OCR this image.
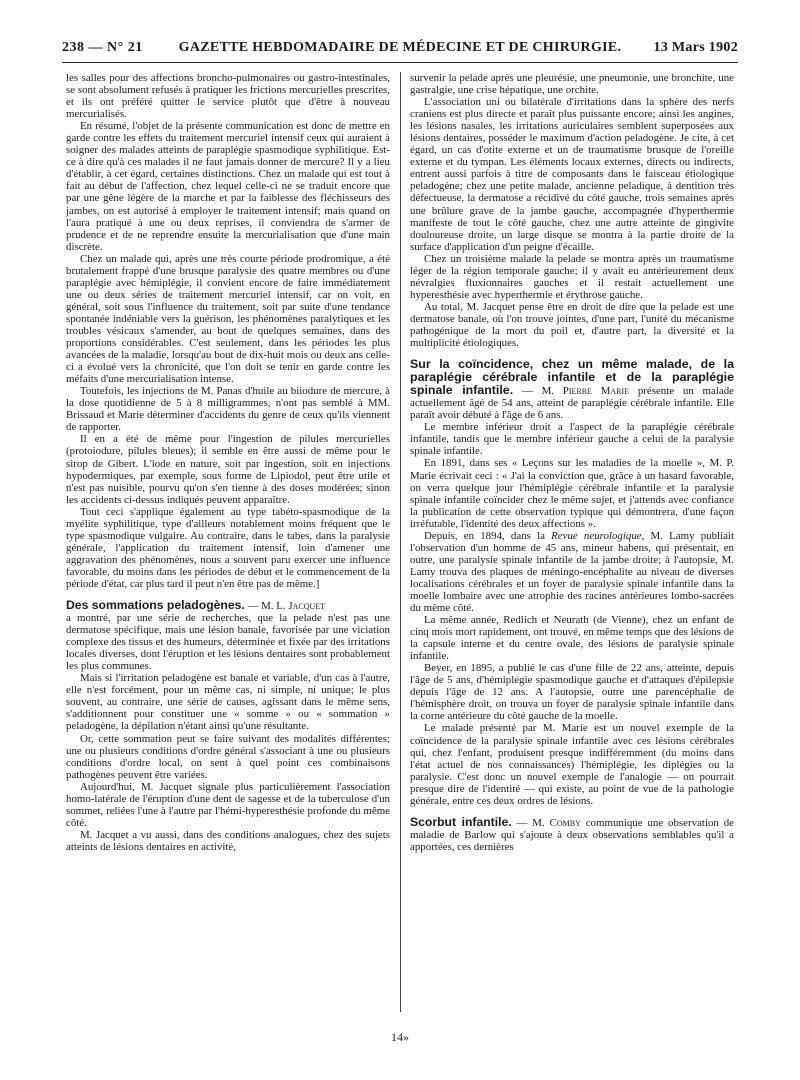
238 — N° 21	GAZETTE HEBDOMADAIRE DE MÉDECINE ET DE CHIRURGIE.	13 Mars 1902

les salles pour des affections broncho-pulmonaires ou gastro-intestinales, se sont absolument refusés à pratiquer les frictions mercurielles prescrites, et ils ont préféré quitter le service plutôt que d'être à nouveau mercurialisés.

En résumé, l'objet de la présente communication est donc de mettre en garde contre les effets du traitement mercuriel intensif ceux qui auraient à soigner des malades atteints de paraplégie spasmodique syphilitique. Est-ce à dire qu'à ces malades il ne faut jamais donner de mercure? Il y a lieu d'établir, à cet égard, certaines distinctions. Chez un malade qui est tout à fait au début de l'affection, chez lequel celle-ci ne se traduit encore que par une gêne légère de la marche et par la faiblesse des fléchisseurs des jambes, on est autorisé à employer le traitement intensif; mais quand on l'aura pratiqué à une ou deux reprises, il conviendra de s'armer de prudence et de ne reprendre ensuite la mercurialisation que d'une main discrète.

Chez un malade qui, après une très courte période prodromique, a été brutalement frappé d'une brusque paralysie des quatre membres ou d'une paraplégie avec hémiplégie, il convient encore de faire immédiatement une ou deux séries de traitement mercuriel intensif, car on voit, en général, soit sous l'influence du traitement, soit par suite d'une tendance spontanée indéniable vers la guérison, les phénomènes paralytiques et les troubles vésicaux s'amender, au bout de quelques semaines, dans des proportions considérables. C'est seulement, dans les périodes les plus avancées de la maladie, lorsqu'au bout de dix-huit mois ou deux ans celle-ci a évolué vers la chronicité, que l'on doit se tenir en garde contre les méfaits d'une mercurialisation intense.

Toutefois, les injections de M. Panas d'huile au biiodure de mercure, à la dose quotidienne de 5 à 8 milligrammes, n'ont pas semblé à MM. Brissaud et Marie déterminer d'accidents du genre de ceux qu'ils viennent de rapporter.

Il en a été de même pour l'ingestion de pilules mercurielles (protoiodure, pilules bleues); il semble en être aussi de même pour le sirop de Gibert. L'iode en nature, soit par ingestion, soit en injections hypodermiques, par exemple, sous forme de Lipiodol, peut être utile et n'est pas nuisible, pourvu qu'on s'en tienne à des doses modérées; sinon les accidents ci-dessus indiqués peuvent apparaître.

Tout ceci s'applique également au type tabéto-spasmodique de la myélite syphilitique, type d'ailleurs notablement moins fréquent que le type spasmodique vulgaire. Au contraire, dans le tabes, dans la paralysie générale, l'application du traitement intensif, loin d'amener une aggravation des phénomènes, nous a souvent paru exercer une influence favorable, du moins dans les périodes de début et le commencement de la période d'état, car plus tard il peut n'en être pas de même.]

Des sommations peladogènes. — M. L. Jacquet

a montré, par une série de recherches, que la pelade n'est pas une dermatose spécifique, mais une lésion banale, favorisée par une viciation complexe des tissus et des humeurs, déterminée et fixée par des irritations locales diverses, dont l'éruption et les lésions dentaires sont probablement les plus communes.

Mais si l'irritation peladogène est banale et variable, d'un cas à l'autre, elle n'est forcément, pour un même cas, ni simple, ni unique; le plus souvent, au contraire, une série de causes, agissant dans le même sens, s'additionnent pour constituer une « somme » ou « sommation » peladogène, la dépilation n'étant ainsi qu'une résultante.

Or, cette sommation peut se faire suivant des modalités différentes; une ou plusieurs conditions d'ordre général s'associant à une ou plusieurs conditions d'ordre local, on sent à quel point ces combinaisons pathogènes peuvent être variées.

Aujourd'hui, M. Jacquet signale plus particulièrement l'association homo-latérale de l'éruption d'une dent de sagesse et de la tuberculose d'un sommet, reliées l'une à l'autre par l'hémi-hyperesthésie profonde du même côté.

M. Jacquet a vu aussi, dans des conditions analogues, chez des sujets atteints de lésions dentaires en activité,

survenir la pelade après une pleurésie, une pneumonie, une bronchite, une gastralgie, une crise hépatique, une orchite.

L'association uni ou bilatérale d'irritations dans la sphère des nerfs craniens est plus directe et paraît plus puissante encore; ainsi les angines, les lésions nasales, les irritations auriculaires semblent superposées aux lésions dentaires, posséder le maximum d'action peladogène. Je cite, à cet égard, un cas d'otite externe et un de traumatisme brusque de l'oreille externe et du tympan. Les éléments locaux externes, directs ou indirects, entrent aussi parfois à titre de composants dans le faisceau étiologique peladogène; chez une petite malade, ancienne peladique, à dentition très défectueuse, la dermatose a récidivé du côté gauche, trois semaines après une brûlure grave de la jambe gauche, accompagnée d'hyperthermie manifeste de tout le côté gauche, chez une autre atteinte de gingivite douloureuse droite, un large disque se montra à la partie droite de la surface d'application d'un peigne d'écaille.

Chez un troisième malade la pelade se montra après un traumatisme léger de la région temporale gauche; il y avait eu antérieurement deux névralgies fluxionnaires gauches et il restait actuellement une hyperesthésie avec hyperthermie et érythrose gauche.

Au total, M. Jacquet pense être en droit de dire que la pelade est une dermatose banale, où l'on trouve jointes, d'une part, l'unité du mécanisme pathogénique de la mort du poil et, d'autre part, la diversité et la multiplicité étiologiques.

Sur la coïncidence, chez un même malade, de la paraplégie cérébrale infantile et de la paraplégie spinale infantile. — M. Pierre Marie présente un malade actuellement âgé de 54 ans, atteint de paraplégie cérébrale infantile. Elle paraît avoir débuté à l'âge de 6 ans.

Le membre inférieur droit a l'aspect de la paraplégie cérébrale infantile, tandis que le membre inférieur gauche a celui de la paralysie spinale infantile.

En 1891, dans ses « Leçons sur les maladies de la moelle », M. P. Marie écrivait ceci : « J'ai la conviction que, grâce à un hasard favorable, on verra quelque jour l'hémiplégie cérébrale infantile et la paralysie spinale infantile coïncider chez le même sujet, et j'attends avec confiance la publication de cette observation typique qui démontrera, d'une façon irréfutable, l'identité des deux affections ».

Depuis, en 1894, dans la Revue neurologique, M. Lamy publiait l'observation d'un homme de 45 ans, mineur habens, qui présentait, en outre, une paralysie spinale infantile de la jambe droite; à l'autopsie, M. Lamy trouva des plaques de méningo-encéphalite au niveau de diverses localisations cérébrales et un foyer de paralysie spinale infantile dans la moelle lombaire avec une atrophie des racines antérieures lombo-sacrées du même côté.

La même année, Redlich et Neurath (de Vienne), chez un enfant de cinq mois mort rapidement, ont trouvé, en même temps que des lésions de la capsule interne et du centre ovale, des lésions de paralysie spinale infantile.

Beyer, en 1895, a publié le cas d'une fille de 22 ans, atteinte, depuis l'âge de 5 ans, d'hémiplégie spasmodique gauche et d'attaques d'épilepsie depuis l'âge de 12 ans. A l'autopsie, outre une parencéphalie de l'hémisphère droit, on trouva un foyer de paralysie spinale infantile dans la corne antérieure du côté gauche de la moelle.

Le malade présenté par M. Marie est un nouvel exemple de la coïncidence de la paralysie spinale infantile avec ces lésions cérébrales qui, chez l'enfant, produisent presque indifféremment (du moins dans l'état actuel de nos connaissances) l'hémiplégie, les diplégies ou la paralysie. C'est donc un nouvel exemple de l'analogie — on pourrait presque dire de l'identité — qui existe, au point de vue de la pathologie générale, entre ces deux ordres de lésions.

Scorbut infantile. — M. Comby communique une observation de maladie de Barlow qui s'ajoute à deux observations semblables qu'il a apportées, ces dernières

14»
